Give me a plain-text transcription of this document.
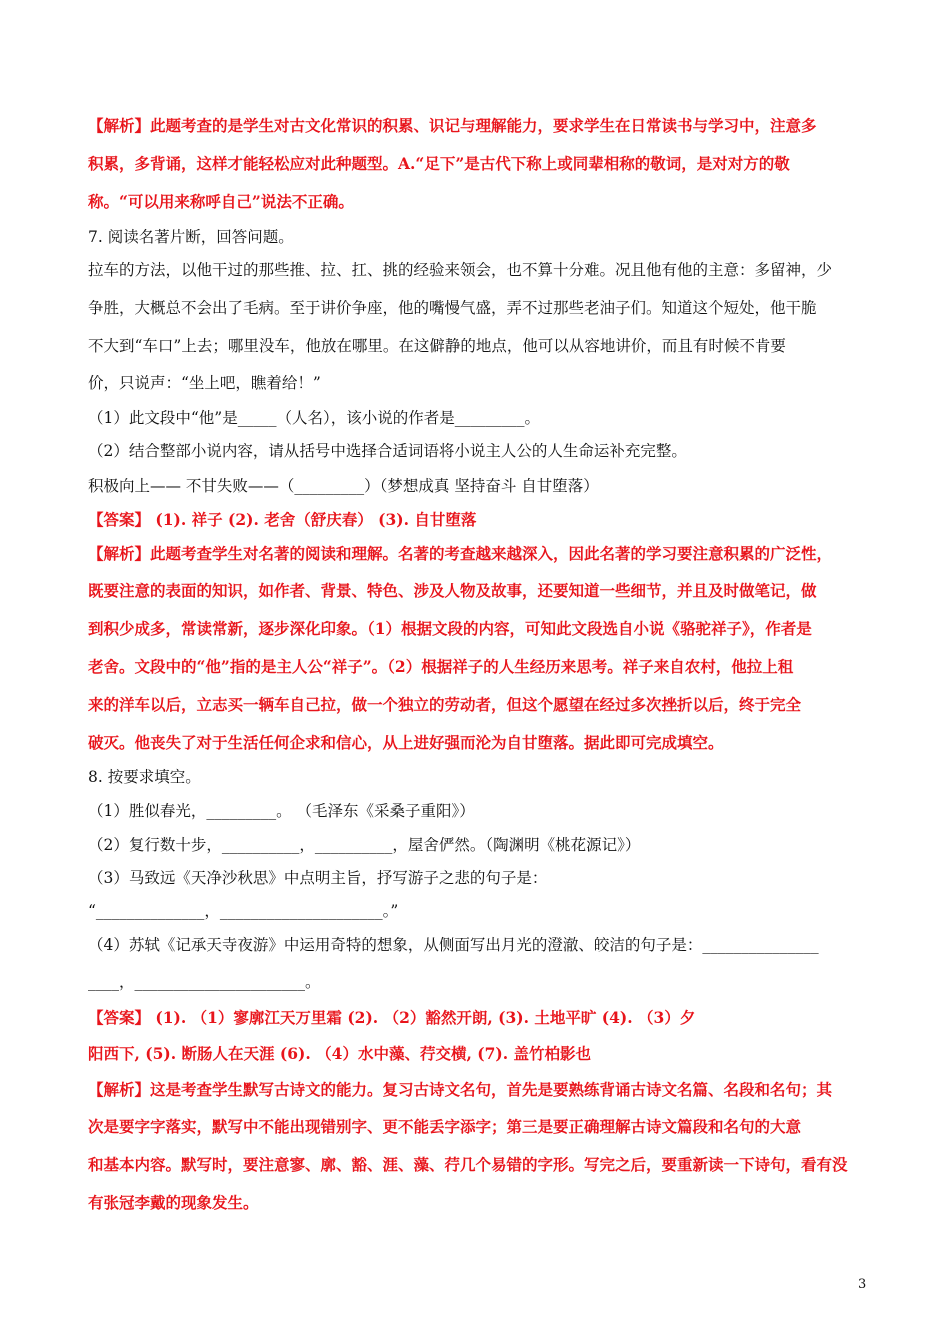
【解析】此题考查的是学生对古文化常识的积累、识记与理解能力，要求学生在日常读书与学习中，注意多
积累，多背诵，这样才能轻松应对此种题型。A.“足下”是古代下称上或同辈相称的敬词，是对对方的敬
称。“可以用来称呼自己”说法不正确。
7. 阅读名著片断，回答问题。
拉车的方法，以他干过的那些推、拉、扛、挑的经验来领会，也不算十分难。况且他有他的主意：多留神，少
争胜，大概总不会出了毛病。至于讲价争座，他的嘴慢气盛，弄不过那些老油子们。知道这个短处，他干脆
不大到“车口”上去；哪里没车，他放在哪里。在这僻静的地点，他可以从容地讲价，而且有时候不肯要
价，只说声：“坐上吧，瞧着给！”
（1）此文段中“他”是_____（人名），该小说的作者是_________。
（2）结合整部小说内容，请从括号中选择合适词语将小说主人公的人生命运补充完整。
积极向上—— 不甘失败——（_________）（梦想成真 坚持奋斗 自甘堕落）
【答案】 (1). 祥子 (2). 老舍（舒庆春） (3). 自甘堕落
【解析】此题考查学生对名著的阅读和理解。名著的考查越来越深入，因此名著的学习要注意积累的广泛性，
既要注意的表面的知识，如作者、背景、特色、涉及人物及故事，还要知道一些细节，并且及时做笔记，做
到积少成多，常读常新，逐步深化印象。（1）根据文段的内容，可知此文段选自小说《骆驼祥子》，作者是
老舍。文段中的“他”指的是主人公“祥子”。（2）根据祥子的人生经历来思考。祥子来自农村，他拉上租
来的洋车以后，立志买一辆车自己拉，做一个独立的劳动者，但这个愿望在经过多次挫折以后，终于完全
破灭。他丧失了对于生活任何企求和信心，从上进好强而沦为自甘堕落。据此即可完成填空。
8. 按要求填空。
（1）胜似春光，_________。 （毛泽东《采桑子重阳》）
（2）复行数十步，__________，__________，屋舍俨然。（陶渊明《桃花源记》）
（3）马致远《天净沙秋思》中点明主旨，抒写游子之悲的句子是：
“______________，_____________________。”
（4）苏轼《记承天寺夜游》中运用奇特的想象，从侧面写出月光的澄澈、皎洁的句子是：_______________
____，______________________。
【答案】 (1). （1）寥廓江天万里霜 (2). （2）豁然开朗, (3). 土地平旷 (4). （3）夕
阳西下, (5). 断肠人在天涯 (6). （4）水中藻、荇交横, (7). 盖竹柏影也
【解析】这是考查学生默写古诗文的能力。复习古诗文名句，首先是要熟练背诵古诗文名篇、名段和名句；其
次是要字字落实，默写中不能出现错别字、更不能丢字添字；第三是要正确理解古诗文篇段和名句的大意
和基本内容。默写时，要注意寥、廓、豁、涯、藻、荇几个易错的字形。写完之后，要重新读一下诗句，看有没
有张冠李戴的现象发生。
3
